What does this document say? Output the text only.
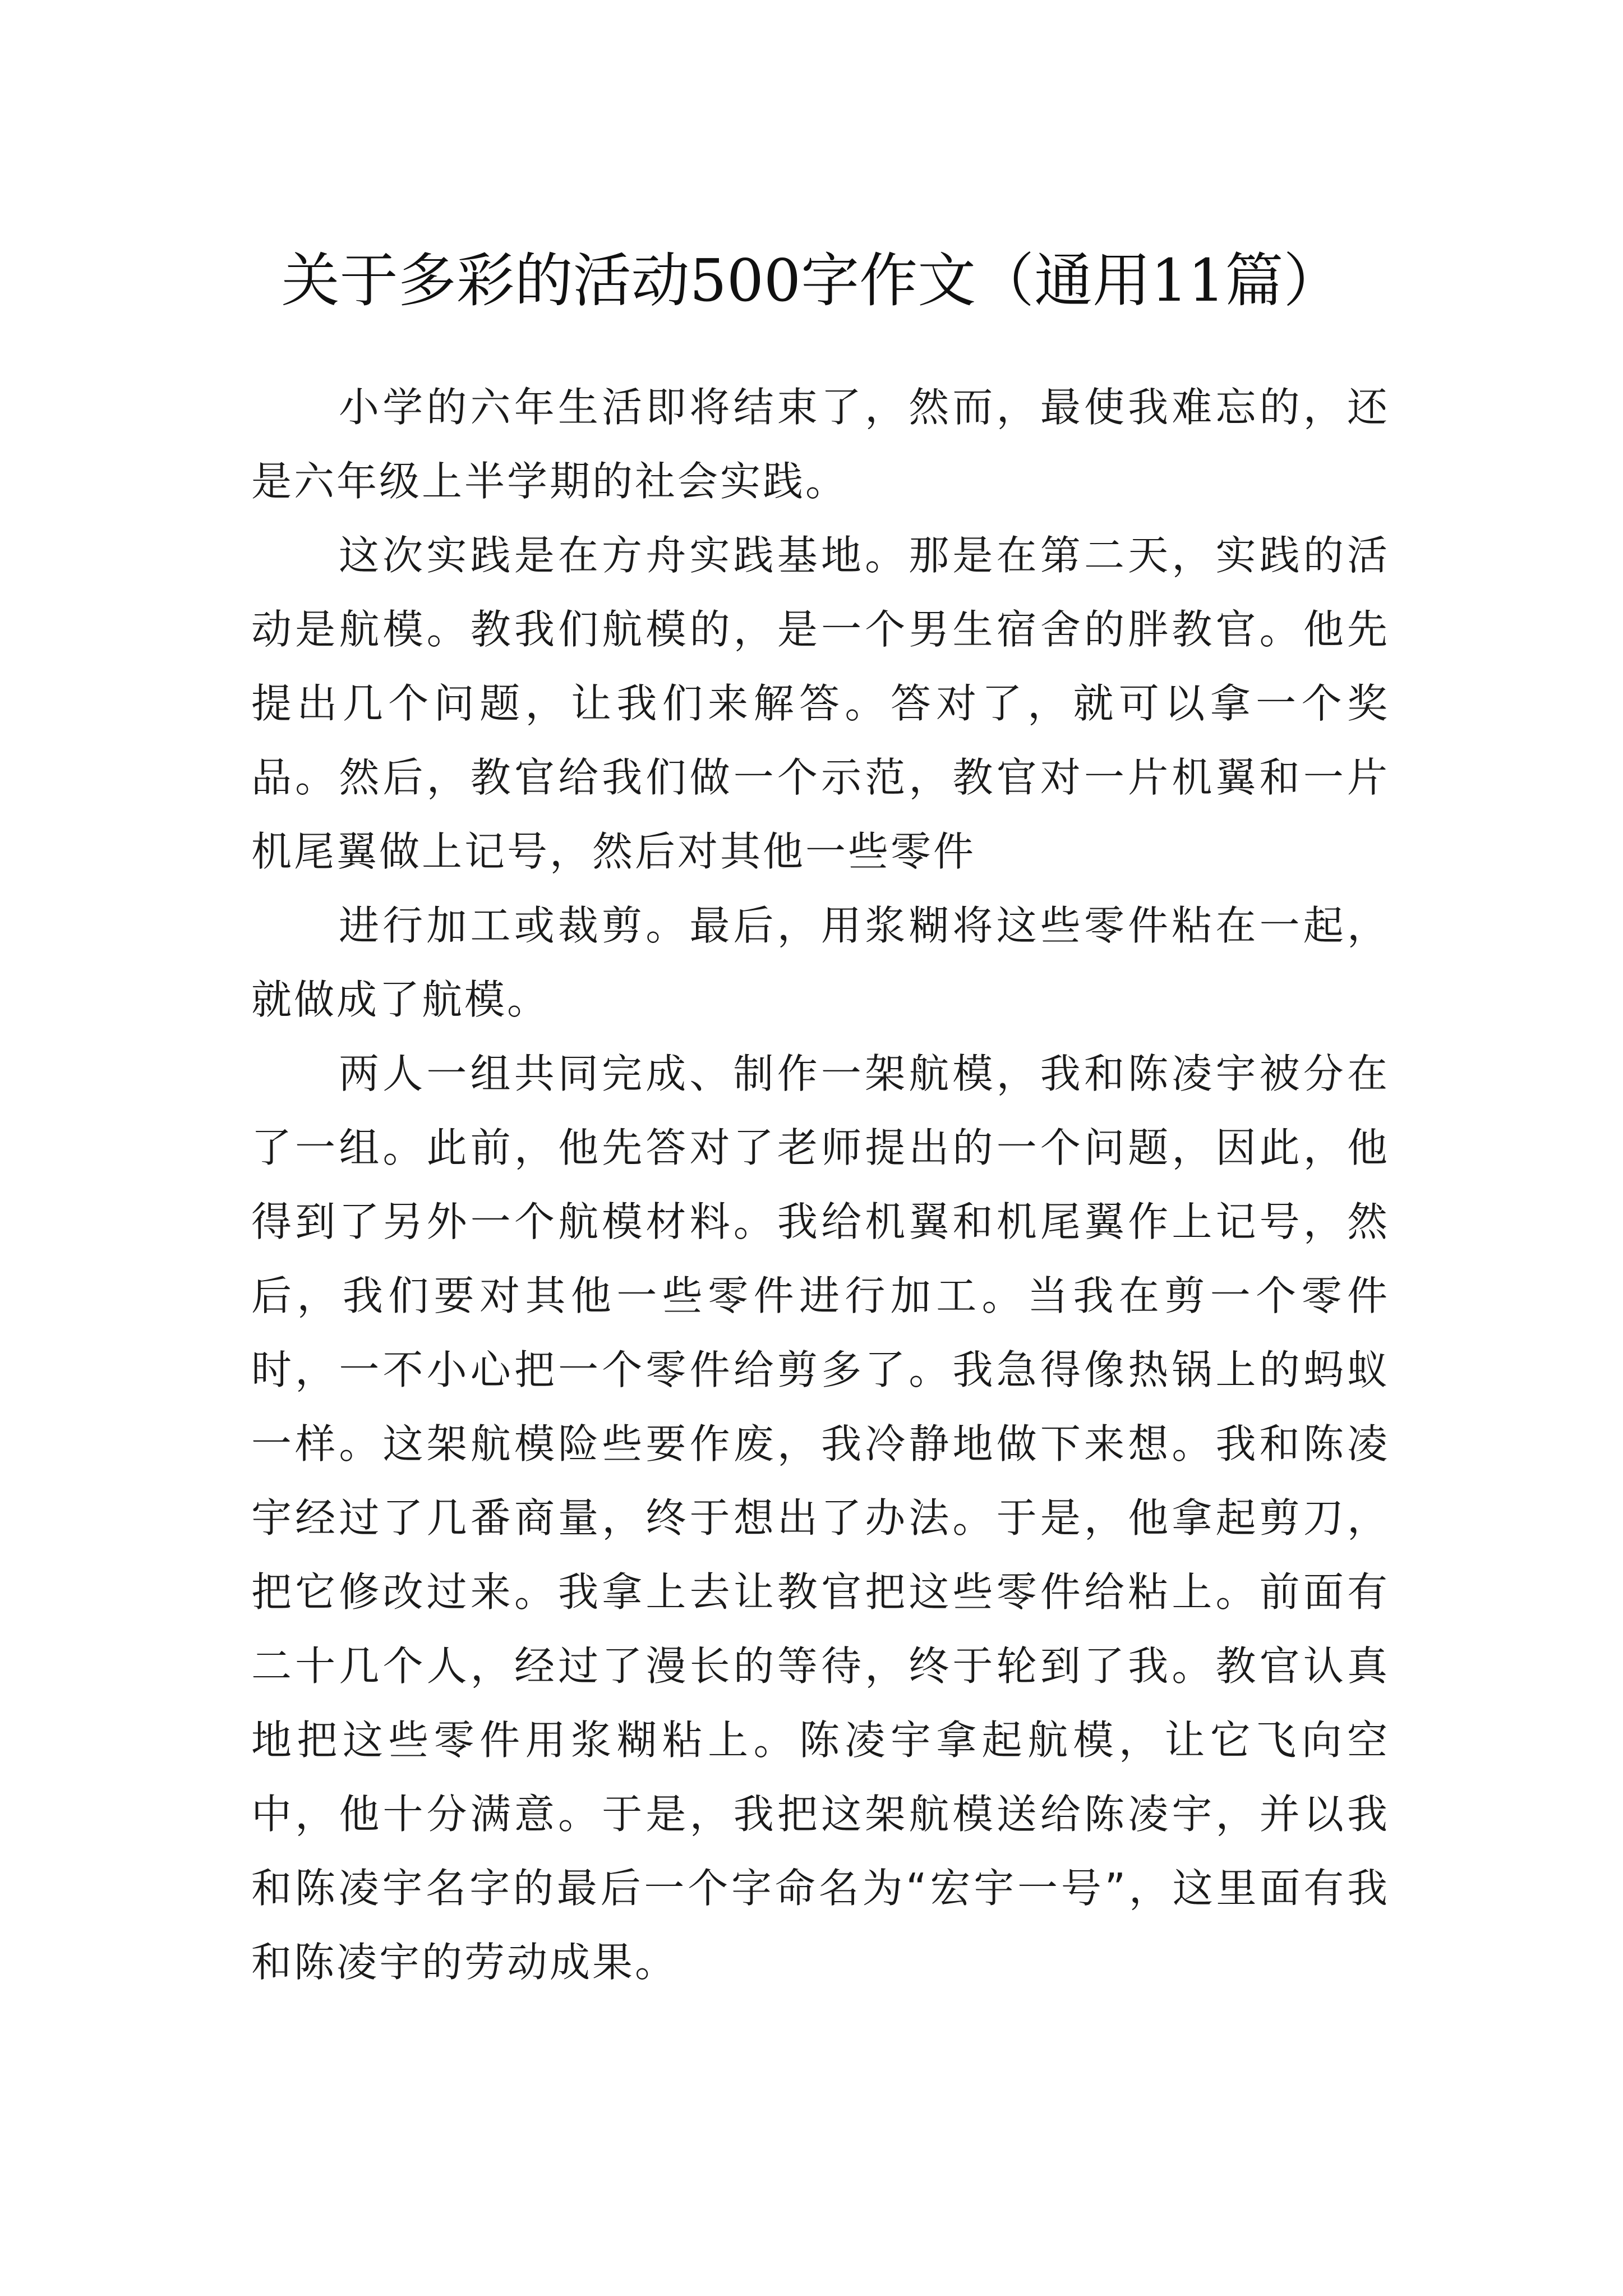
关于多彩的活动500字作文（通用11篇）

小学的六年生活即将结束了，然而，最使我难忘的，还是六年级上半学期的社会实践。

这次实践是在方舟实践基地。那是在第二天，实践的活动是航模。教我们航模的，是一个男生宿舍的胖教官。他先提出几个问题，让我们来解答。答对了，就可以拿一个奖品。然后，教官给我们做一个示范，教官对一片机翼和一片机尾翼做上记号，然后对其他一些零件

进行加工或裁剪。最后，用浆糊将这些零件粘在一起，就做成了航模。

两人一组共同完成、制作一架航模，我和陈凌宇被分在了一组。此前，他先答对了老师提出的一个问题，因此，他得到了另外一个航模材料。我给机翼和机尾翼作上记号，然后，我们要对其他一些零件进行加工。当我在剪一个零件时，一不小心把一个零件给剪多了。我急得像热锅上的蚂蚁一样。这架航模险些要作废，我冷静地做下来想。我和陈凌宇经过了几番商量，终于想出了办法。于是，他拿起剪刀，把它修改过来。我拿上去让教官把这些零件给粘上。前面有二十几个人，经过了漫长的等待，终于轮到了我。教官认真地把这些零件用浆糊粘上。陈凌宇拿起航模，让它飞向空中，他十分满意。于是，我把这架航模送给陈凌宇，并以我和陈凌宇名字的最后一个字命名为“宏宇一号”，这里面有我和陈凌宇的劳动成果。
